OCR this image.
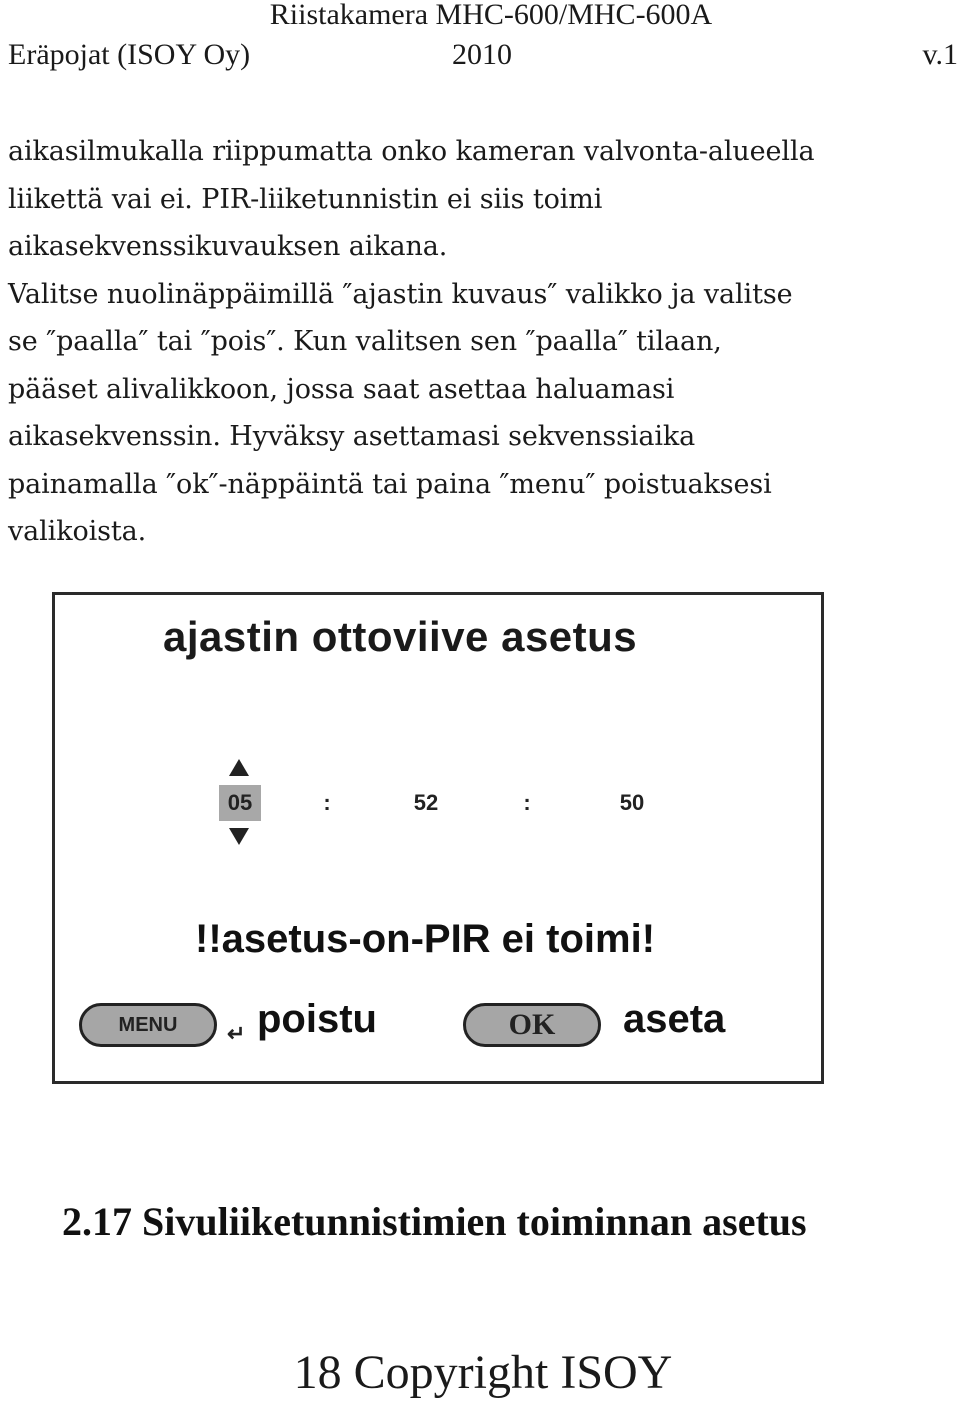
Riistakamera MHC-600/MHC-600A
Eräpojat (ISOY Oy)	2010	v.1

aikasilmukalla riippumatta onko kameran valvonta-alueella

liikettä vai ei. PIR-liiketunnistin ei siis toimi

aikasekvenssikuvauksen aikana.

Valitse nuolinäppäimillä ″ajastin kuvaus″ valikko ja valitse

se ″paalla″ tai ″pois″. Kun valitsen sen ″paalla″ tilaan,

pääset alivalikkoon, jossa saat asettaa haluamasi

aikasekvenssin. Hyväksy asettamasi sekvenssiaika

painamalla ″ok″-näppäintä tai paina ″menu″ poistuaksesi

valikoista.

ajastin ottoviive asetus
05	:	52	:	50
!!asetus-on-PIR ei toimi!
MENU	↵ poistu	OK	aseta
2.17 Sivuliiketunnistimien toiminnan asetus
18 Copyright ISOY
